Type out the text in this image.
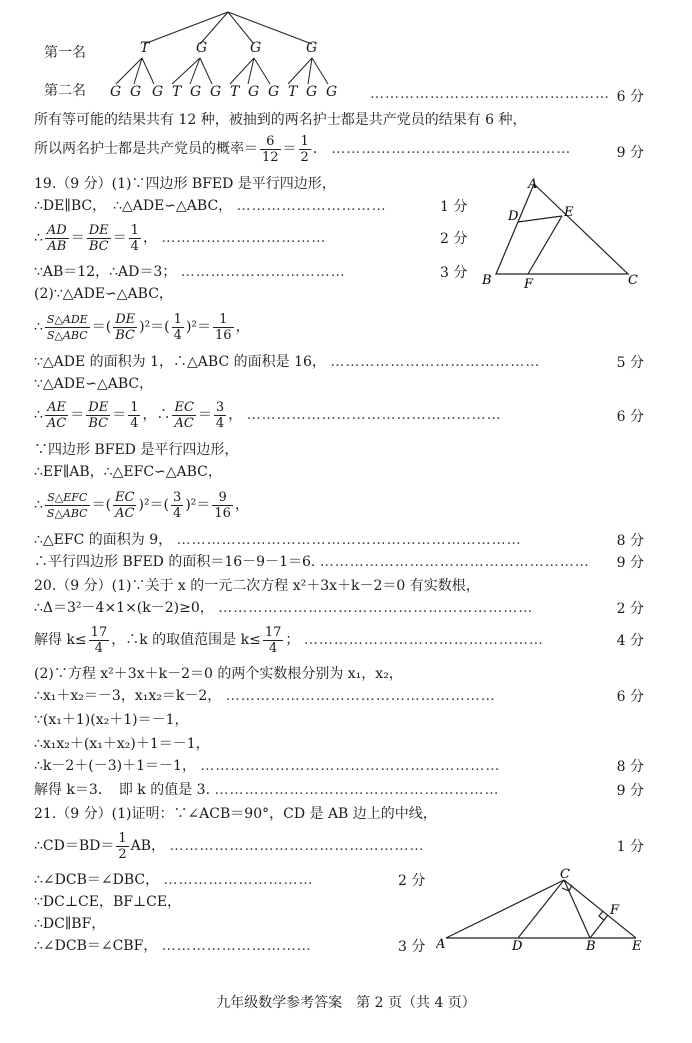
第一名
第二名
T	G	G	G
G G G T G G T G G T G G	6 分
…………………………………………
所有等可能的结果共有 12 种，被抽到的两名护士都是共产党员的结果有 6 种，
所以两名护士都是共产党员的概率＝ $\frac{6}{12} = \frac{1}{2}$ ． …………………………………………	9 分
19.（9 分）(1)∵四边形 BFED 是平行四边形，
∴DE∥BC，　∴△ADE∽△ABC， …………………………	1 分
∴ $\frac{AD}{AB} = \frac{DE}{BC} = \frac{1}{4}$ ， ……………………………	2 分
∵AB＝12，∴AD＝3； ……………………………	3 分
A
D	E
B F	C
(2)∵△ADE∽△ABC，
∴ $\frac{\text{S△ADE}}{\text{S△ABC}}$ ＝( $\frac{DE}{BC} )^2=( \frac{1}{4} )^2= \frac{1}{16}$ ，
∵△ADE 的面积为 1，∴△ABC 的面积是 16， ……………………………………	5 分
∵△ADE∽△ABC，
∴ $\frac{AE}{AC} = \frac{DE}{BC} = \frac{1}{4}$ ，∴ $\frac{EC}{AC} = \frac{3}{4}$ ， ……………………………………………	6 分
∵四边形 BFED 是平行四边形，
∴EF∥AB，∴△EFC∽△ABC，
∴ $\frac{\text{S△EFC}}{\text{S△ABC}}$ ＝( $\frac{EC}{AC} )^2=( \frac{3}{4} )^2= \frac{9}{16}$ ，
∴△EFC 的面积为 9， ……………………………………………………………	8 分
∴平行四边形 BFED 的面积＝16－9－1＝6. ……………………………………………… 9 分
20.（9 分）(1)∵关于 x 的一元二次方程 x²＋3x＋k－2＝0 有实数根，
∴Δ＝3²－4×1×(k－2)≥0， ………………………………………………………	2 分
解得 $k\le \frac{17}{4}$ ，∴k 的取值范围是 $k\le \frac{17}{4}$ ； …………………………………………	4 分
(2)∵方程 x²＋3x＋k－2＝0 的两个实数根分别为 x₁，x₂，
∴x₁＋x₂＝－3，x₁x₂＝k－2， ………………………………………………	6 分
∵(x₁＋1)(x₂＋1)＝－1，
∴x₁x₂＋(x₁＋x₂)＋1＝－1，
∴k－2＋(－3)＋1＝－1， ……………………………………………………	8 分
解得 k＝3．　即 k 的值是 3. …………………………………………………	9 分
21.（9 分）(1)证明：∵∠ACB＝90°，CD 是 AB 边上的中线，
∴CD＝BD＝ $\frac{1}{2}$ AB， ……………………………………………	1 分
∴∠DCB＝∠DBC， …………………………	2 分
∵DC⊥CE，BF⊥CE，
∴DC∥BF，
∴∠DCB＝∠CBF， …………………………	3 分 A	D
C
B
F
E
九年级数学参考答案　第 2 页（共 4 页）
